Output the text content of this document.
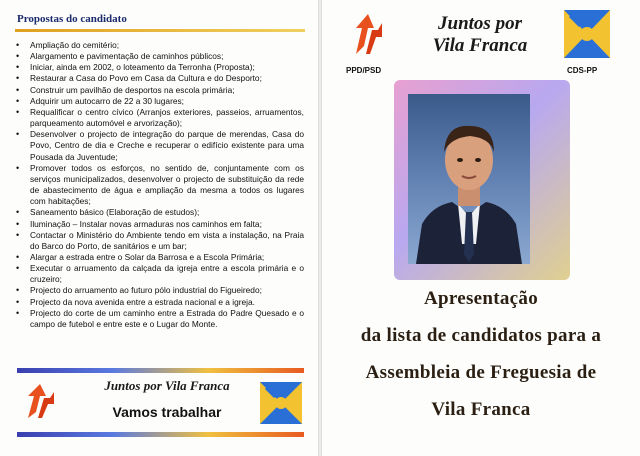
Propostas do candidato
• Ampliação do cemitério;
• Alargamento e pavimentação de caminhos públicos;
• Iniciar, ainda em 2002, o loteamento da Terronha (Proposta);
• Restaurar a Casa do Povo em Casa da Cultura e do Desporto;
• Construir um pavilhão de desportos na escola primária;
• Adquirir um autocarro de 22 a 30 lugares;
• Requalificar o centro cívico (Arranjos exteriores, passeios, arruamentos, parqueamento automóvel e arvorização);
• Desenvolver o projecto de integração do parque de merendas, Casa do Povo, Centro de dia e Creche e recuperar o edifício existente para uma Pousada da Juventude;
• Promover todos os esforços, no sentido de, conjuntamente com os serviços municipalizados, desenvolver o projecto de substituição da rede de abastecimento de água e ampliação da mesma a todos os lugares com habitações;
• Saneamento básico (Elaboração de estudos);
• Iluminação – Instalar novas armaduras nos caminhos em falta;
• Contactar o Ministério do Ambiente tendo em vista a instalação, na Praia do Barco do Porto, de sanitários e um bar;
• Alargar a estrada entre o Solar da Barrosa e a Escola Primária;
• Executar o arruamento da calçada da igreja entre a escola primária e o cruzeiro;
• Projecto do arruamento ao futuro pólo industrial do Figueiredo;
• Projecto da nova avenida entre a estrada nacional e a igreja.
• Projecto do corte de um caminho entre a Estrada do Padre Quesado e o campo de futebol e entre este e o Lugar do Monte.
Juntos por Vila Franca
Vamos trabalhar
PPD/PSD
Juntos por
Vila Franca
CDS-PP
Apresentação
da lista de candidatos para a
Assembleia de Freguesia de
Vila Franca
